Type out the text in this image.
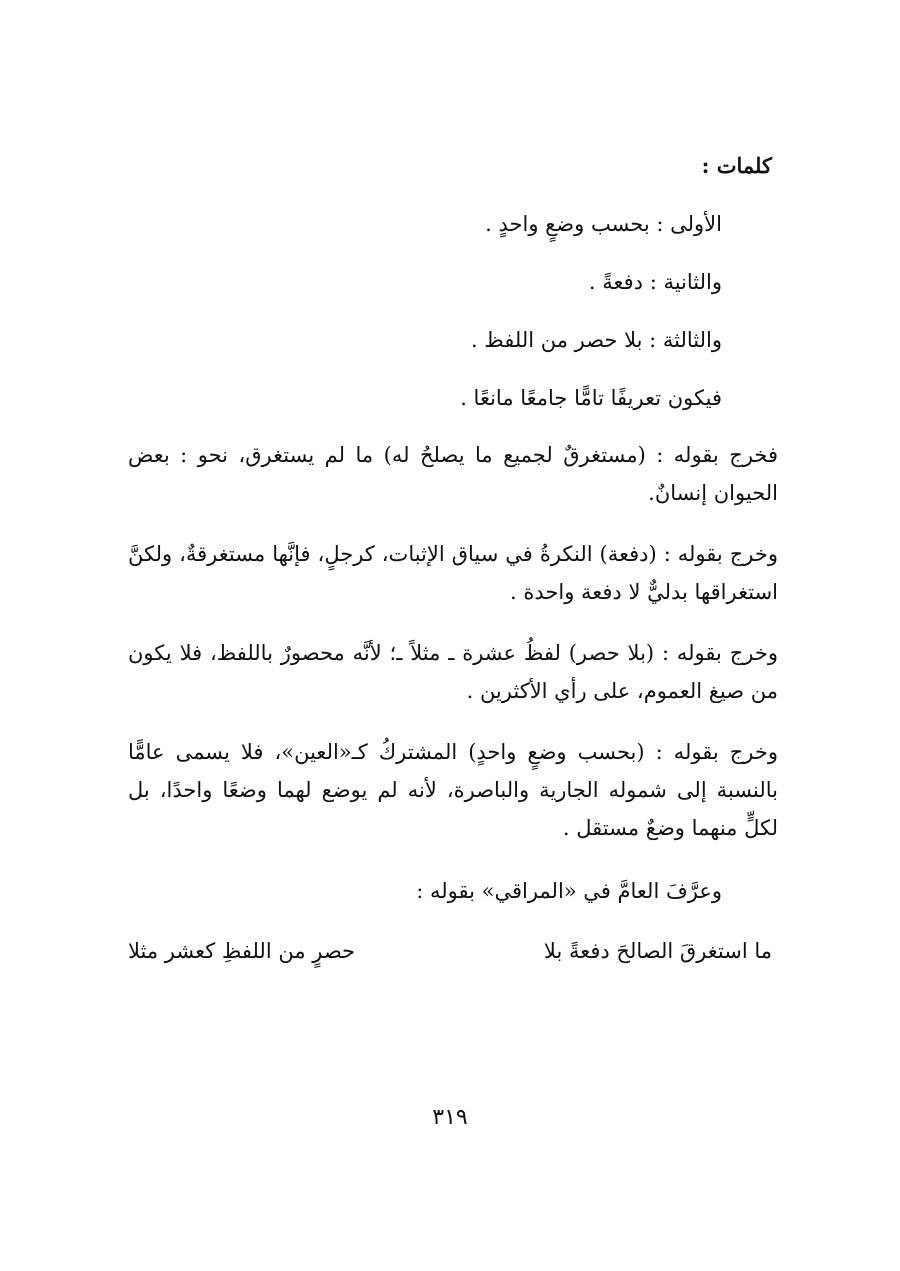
كلمات :
الأولى : بحسب وضعٍ واحدٍ .
والثانية : دفعةً .
والثالثة : بلا حصر من اللفظ .
فيكون تعريفًا تامًّا جامعًا مانعًا .
فخرج بقوله : (مستغرقٌ لجميع ما يصلحُ له) ما لم يستغرق، نحو : بعض الحيوان إنسانٌ.
وخرج بقوله : (دفعة) النكرةُ في سياق الإثبات، كرجلٍ، فإنَّها مستغرقةٌ، ولكنَّ استغراقها بدليٌّ لا دفعة واحدة .
وخرج بقوله : (بلا حصر) لفظُ عشرة ـ مثلاً ـ؛ لأنَّه محصورٌ باللفظ، فلا يكون من صيغ العموم، على رأي الأكثرين .
وخرج بقوله : (بحسب وضعٍ واحدٍ) المشتركُ كـ«العين»، فلا يسمى عامًّا بالنسبة إلى شموله الجارية والباصرة، لأنه لم يوضع لهما وضعًا واحدًا، بل لكلٍّ منهما وضعٌ مستقل .
وعرَّفَ العامَّ في «المراقي» بقوله :
ما استغرقَ الصالحَ دفعةً بلا
حصرٍ من اللفظِ كعشر مثلا
٣١٩
